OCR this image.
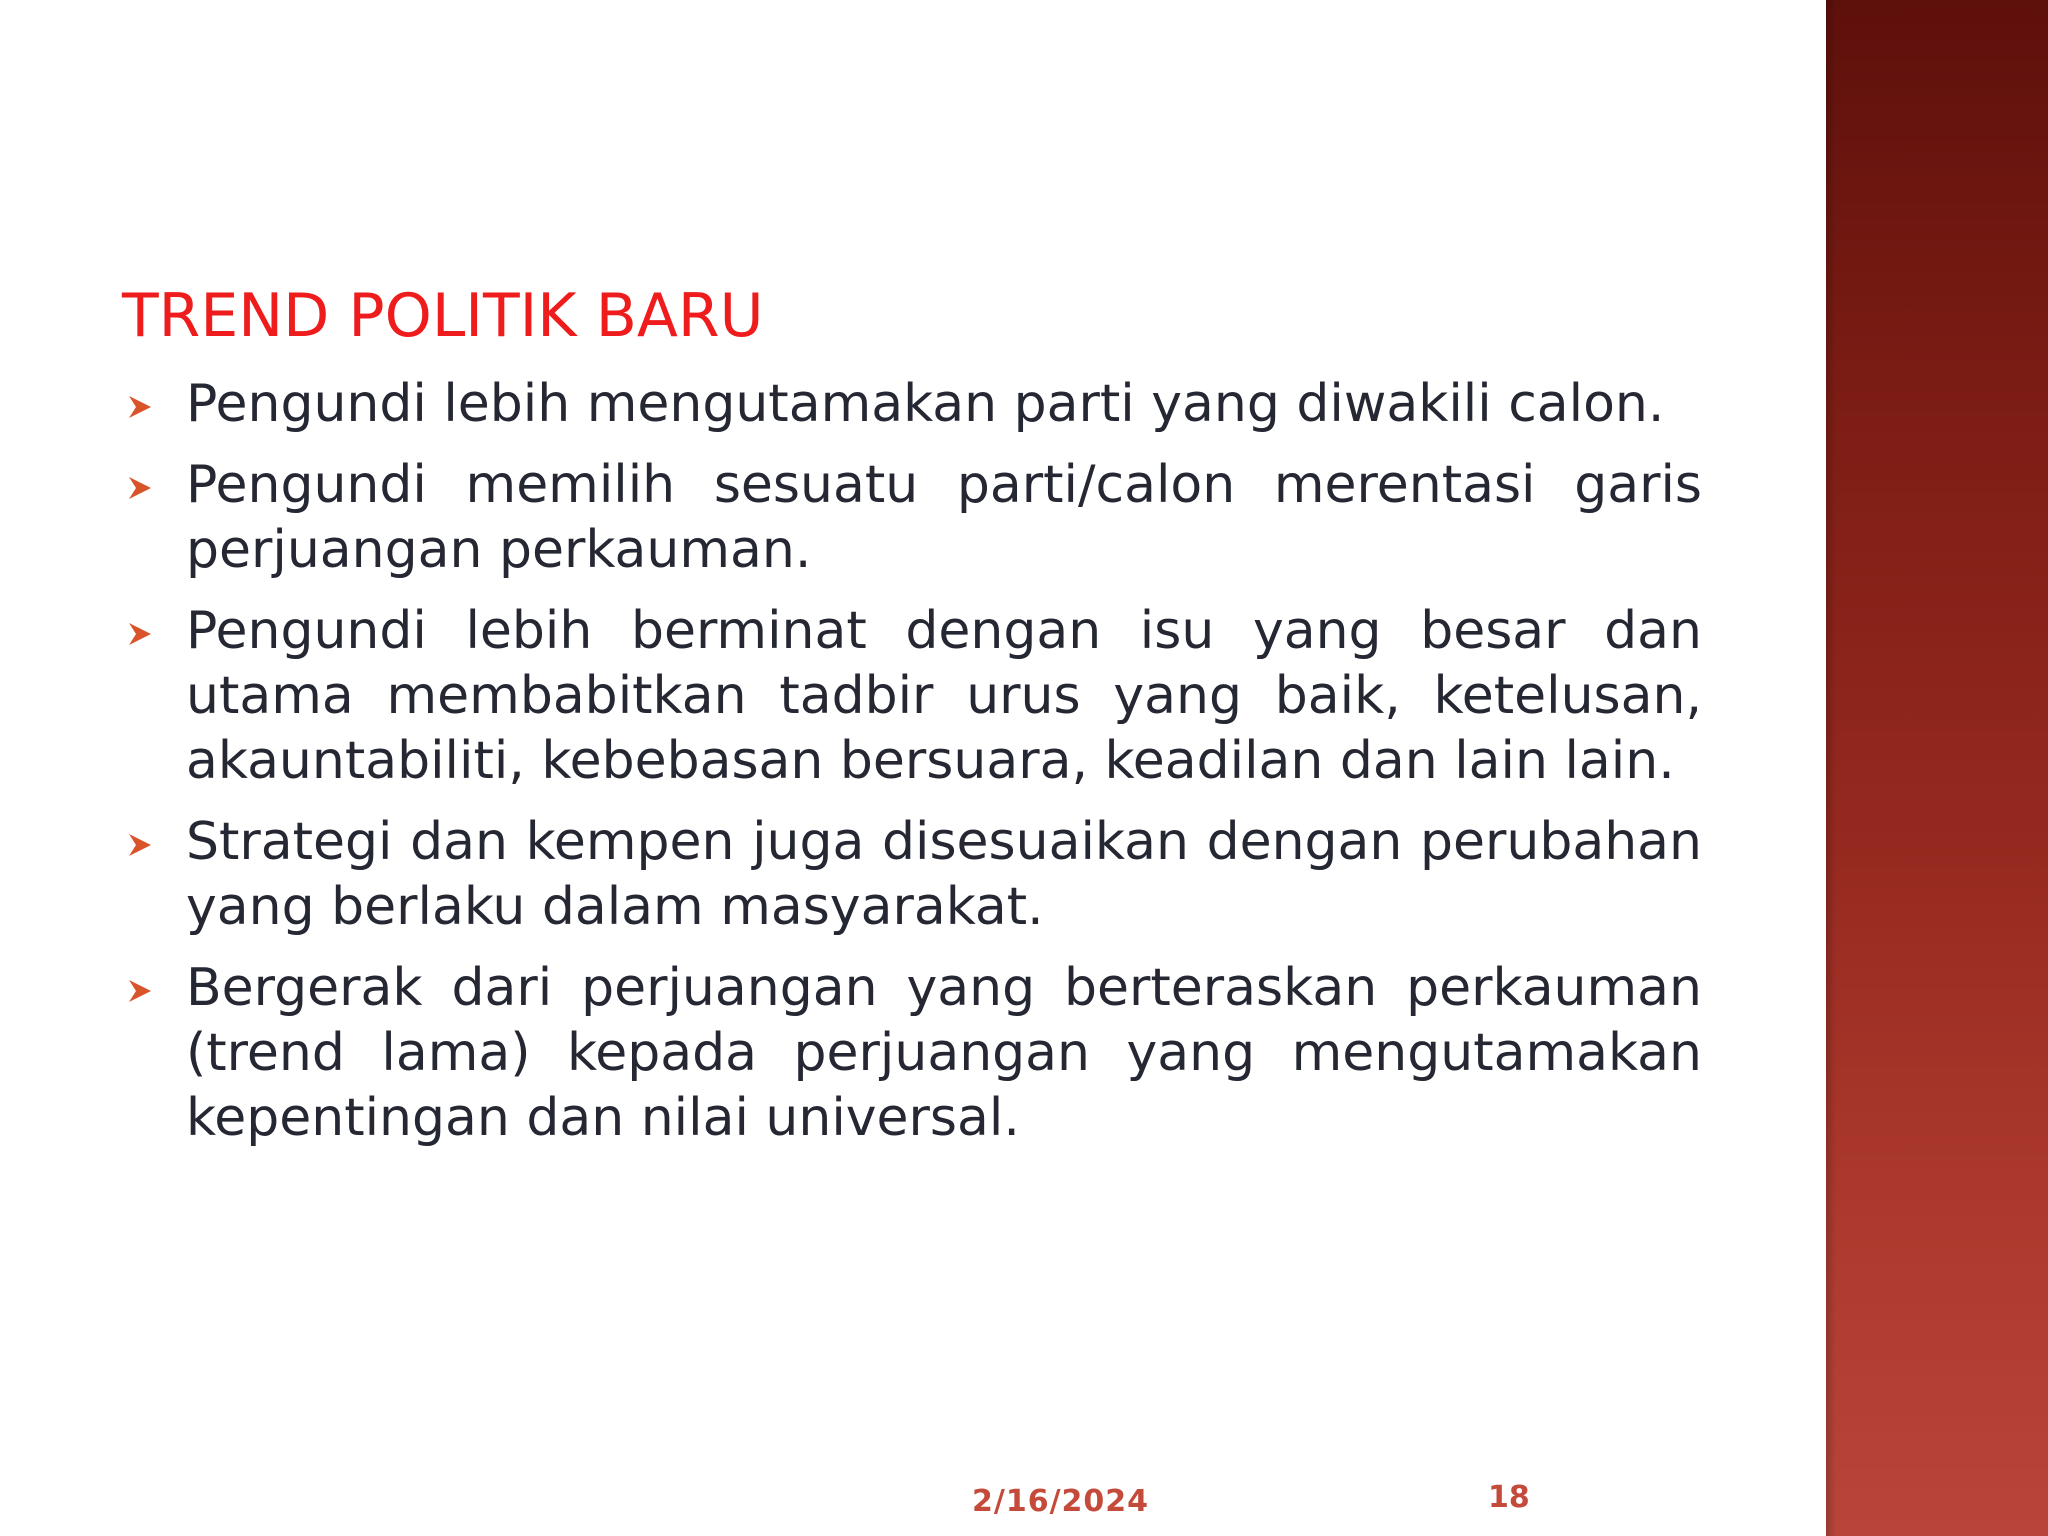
TREND POLITIK BARU
Pengundi lebih mengutamakan parti yang diwakili calon.
Pengundi memilih sesuatu parti/calon merentasi garis perjuangan perkauman.
Pengundi lebih berminat dengan isu yang besar dan utama membabitkan tadbir urus yang baik, ketelusan, akauntabiliti, kebebasan bersuara, keadilan dan lain lain.
Strategi dan kempen juga disesuaikan dengan perubahan yang berlaku dalam masyarakat.
Bergerak dari perjuangan yang berteraskan perkauman (trend lama) kepada perjuangan yang mengutamakan kepentingan dan nilai universal.
2/16/2024	18
